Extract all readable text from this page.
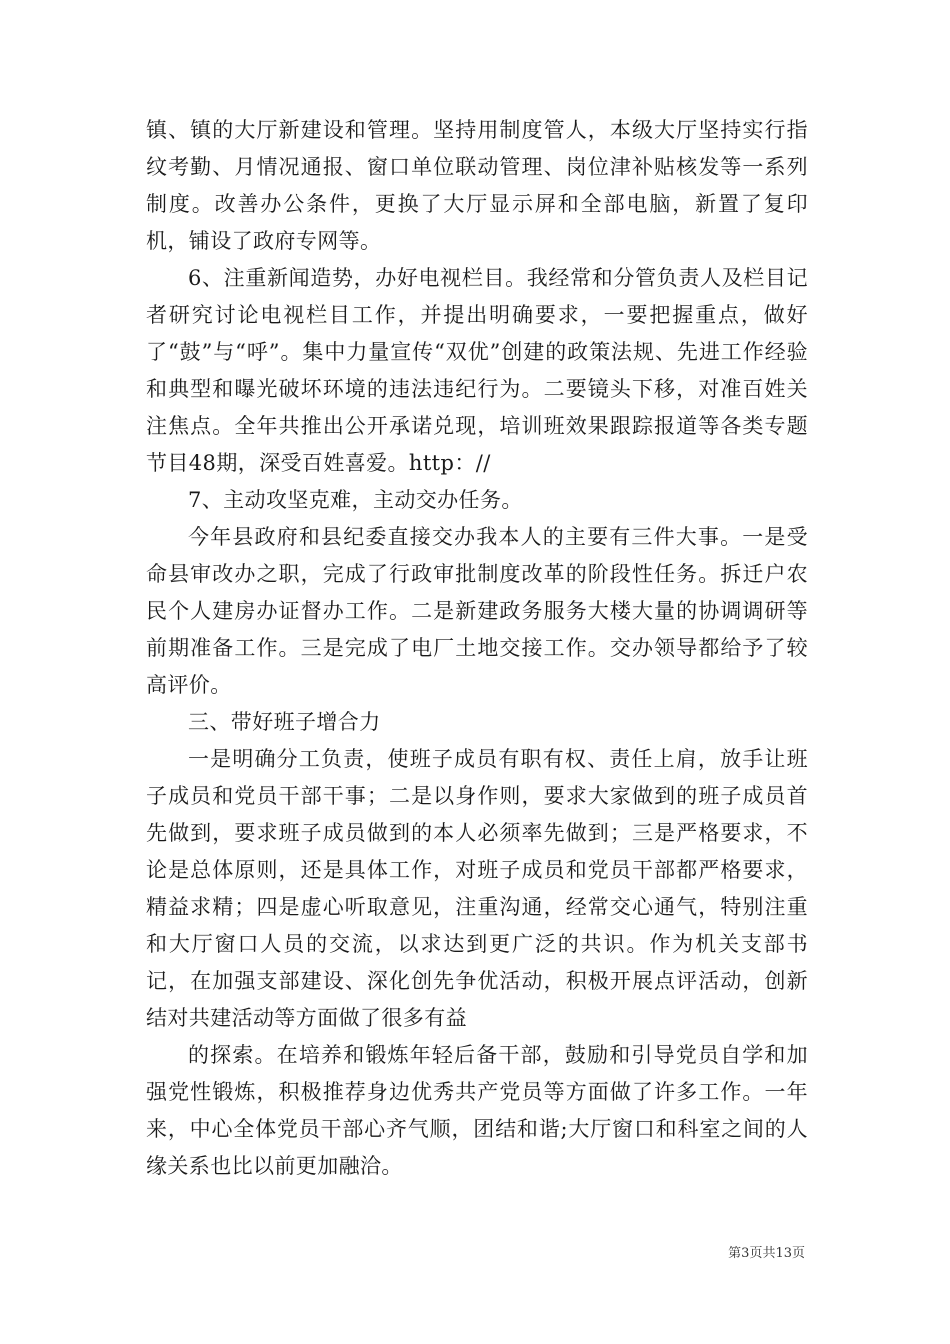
镇、镇的大厅新建设和管理。坚持用制度管人，本级大厅坚持实行指纹考勤、月情况通报、窗口单位联动管理、岗位津补贴核发等一系列制度。改善办公条件，更换了大厅显示屏和全部电脑，新置了复印机，铺设了政府专网等。

6、注重新闻造势，办好电视栏目。我经常和分管负责人及栏目记者研究讨论电视栏目工作，并提出明确要求，一要把握重点，做好了“鼓”与“呼”。集中力量宣传“双优”创建的政策法规、先进工作经验和典型和曝光破坏环境的违法违纪行为。二要镜头下移，对准百姓关注焦点。全年共推出公开承诺兑现，培训班效果跟踪报道等各类专题节目48期，深受百姓喜爱。http：//

7、主动攻坚克难，主动交办任务。

今年县政府和县纪委直接交办我本人的主要有三件大事。一是受命县审改办之职，完成了行政审批制度改革的阶段性任务。拆迁户农民个人建房办证督办工作。二是新建政务服务大楼大量的协调调研等前期准备工作。三是完成了电厂土地交接工作。交办领导都给予了较高评价。

三、带好班子增合力

一是明确分工负责，使班子成员有职有权、责任上肩，放手让班子成员和党员干部干事；二是以身作则，要求大家做到的班子成员首先做到，要求班子成员做到的本人必须率先做到；三是严格要求，不论是总体原则，还是具体工作，对班子成员和党员干部都严格要求，精益求精；四是虚心听取意见，注重沟通，经常交心通气，特别注重和大厅窗口人员的交流，以求达到更广泛的共识。作为机关支部书记，在加强支部建设、深化创先争优活动，积极开展点评活动，创新结对共建活动等方面做了很多有益

的探索。在培养和锻炼年轻后备干部，鼓励和引导党员自学和加强党性锻炼，积极推荐身边优秀共产党员等方面做了许多工作。一年来，中心全体党员干部心齐气顺，团结和谐;大厅窗口和科室之间的人缘关系也比以前更加融洽。

第3页共13页
